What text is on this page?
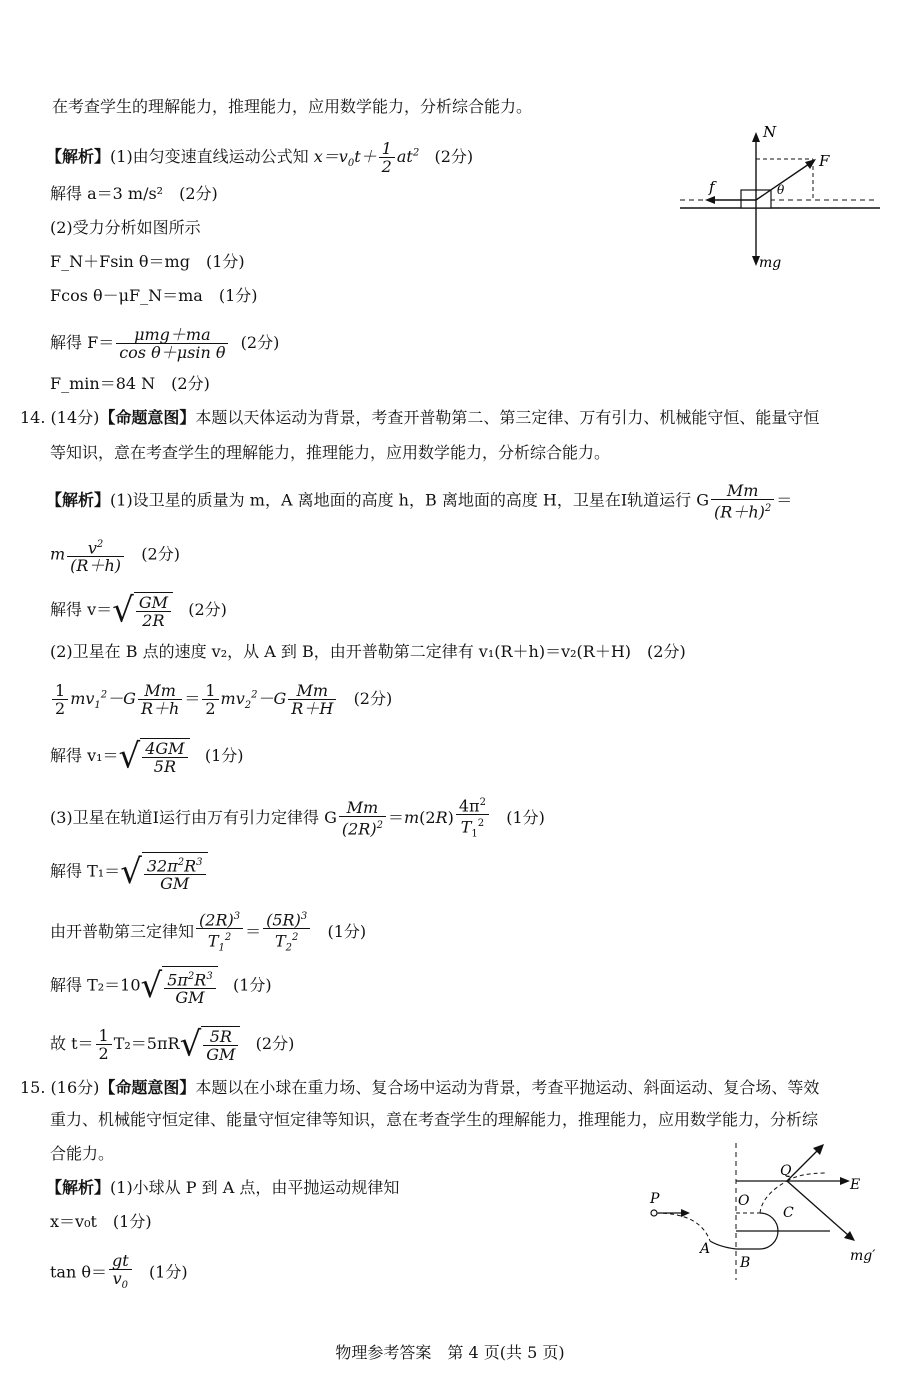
在考查学生的理解能力，推理能力，应用数学能力，分析综合能力。
【解析】(1)由匀变速直线运动公式知 $x=v_0t+ \frac{1}{2} at^2$ (2分)
解得 a＝3 m/s²　(2分)
(2)受力分析如图所示
F_N＋Fsin θ＝mg　(1分)
Fcos θ－μF_N＝ma　(1分)
解得 $F= \frac{\text{μmg＋ma}}{\text{cos θ＋μsin θ}} (2$分)
F_min＝84 N　(2分)
N
F
f	θ
mg
14. (14分)【命题意图】本题以天体运动为背景，考查开普勒第二、第三定律、万有引力、机械能守恒、能量守恒
等知识，意在考查学生的理解能力，推理能力，应用数学能力，分析综合能力。
【解析】(1)设卫星的质量为 m，A 离地面的高度 h，B 离地面的高度 H，卫星在Ⅰ轨道运行 G $\frac{Mm}{(R+h)^2}$ ＝
m $\frac{v^2}{(R+h)} (2$分)
解得 $v=√ \frac{GM}{2R} (2$分)
(2)卫星在 B 点的速度 v₂，从 A 到 B，由开普勒第二定律有 v₁(R＋h)＝v₂(R＋H)　(2分)
$\frac{1}{2} mv_1^2-G \frac{Mm}{R+h} = \frac{1}{2} mv_2^2-G \frac{Mm}{R+H} (2$分)
解得 $v_1=√ \frac{4GM}{5R} (1$分)
(3)卫星在轨道Ⅰ运行由万有引力定律得 G $\frac{Mm}{(2R)^2} =m(2R) \frac{4\pi^2}{T_1^2} (1$分)
解得 $T_1=√ \frac{32\pi^2R^3}{GM}$
由开普勒第三定律知 $\frac{(2R)^3}{T_1^2} = \frac{(5R)^3}{T_2^2} (1$分)
解得 $T_2=10√ \frac{5\pi^2R^3}{GM} (1$分)
故 $t= \frac{1}{2} T_2=5\pi R√ \frac{5R}{GM} (2$分)
15. (16分)【命题意图】本题以在小球在重力场、复合场中运动为背景，考查平抛运动、斜面运动、复合场、等效
重力、机械能守恒定律、能量守恒定律等知识，意在考查学生的理解能力，推理能力，应用数学能力，分析综
合能力。
【解析】(1)小球从 P 到 A 点，由平抛运动规律知
x＝v₀t　(1分)
$\tan \theta= \frac{gt}{v_0} (1$分)
P	O
Q
C
E
A
B	mg′
物理参考答案　第 4 页(共 5 页)
